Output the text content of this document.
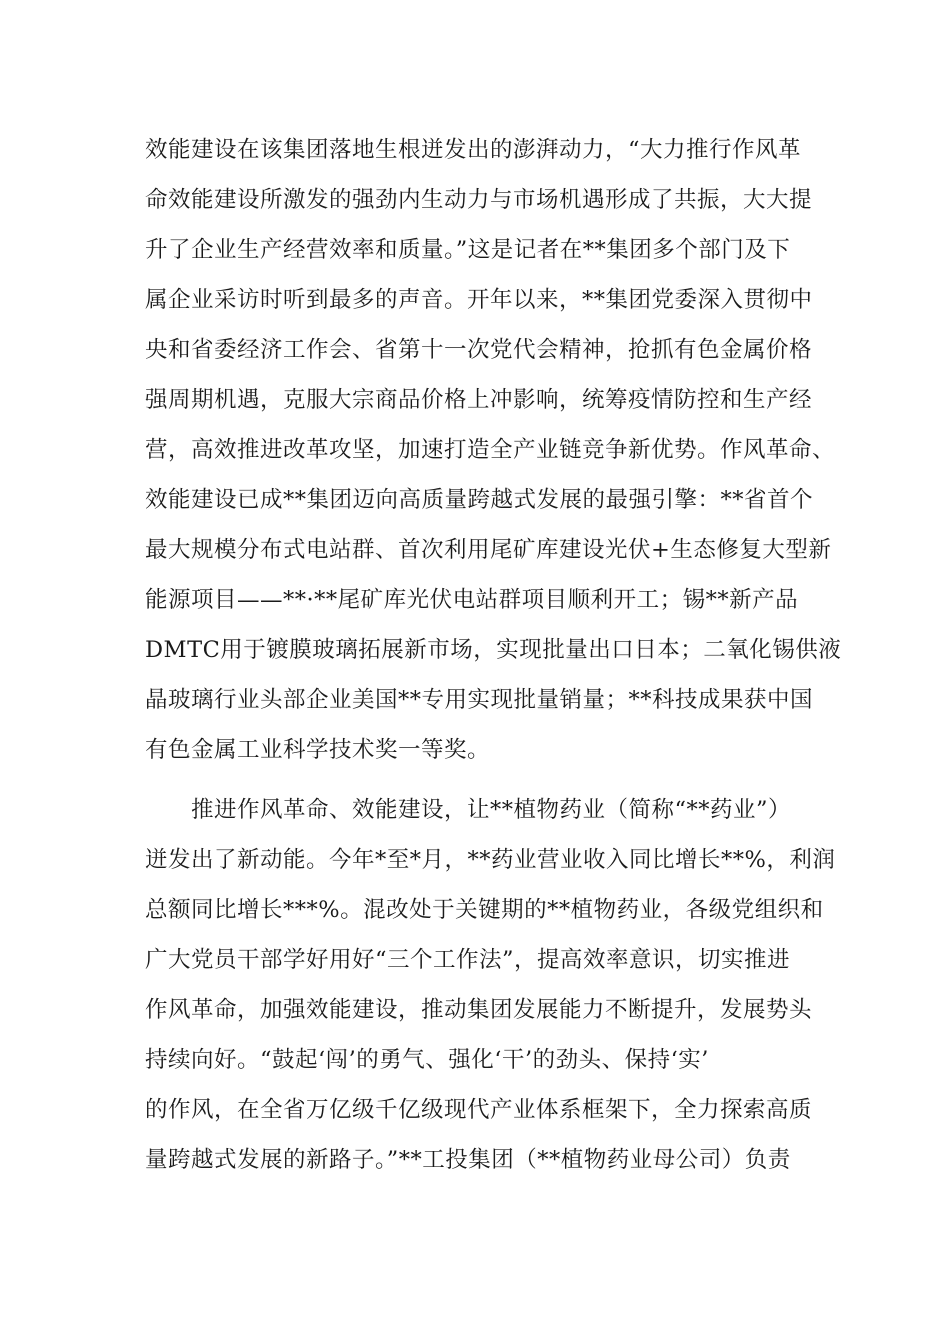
效能建设在该集团落地生根迸发出的澎湃动力，“大力推行作风革
命效能建设所激发的强劲内生动力与市场机遇形成了共振，大大提
升了企业生产经营效率和质量。”这是记者在**集团多个部门及下
属企业采访时听到最多的声音。开年以来，**集团党委深入贯彻中
央和省委经济工作会、省第十一次党代会精神，抢抓有色金属价格
强周期机遇，克服大宗商品价格上冲影响，统筹疫情防控和生产经
营，高效推进改革攻坚，加速打造全产业链竞争新优势。作风革命、
效能建设已成**集团迈向高质量跨越式发展的最强引擎：**省首个
最大规模分布式电站群、首次利用尾矿库建设光伏+生态修复大型新
能源项目——**·**尾矿库光伏电站群项目顺利开工；锡**新产品
DMTC用于镀膜玻璃拓展新市场，实现批量出口日本；二氧化锡供液
晶玻璃行业头部企业美国**专用实现批量销量；**科技成果获中国
有色金属工业科学技术奖一等奖。
　　推进作风革命、效能建设，让**植物药业（简称“**药业”）
迸发出了新动能。今年*至*月，**药业营业收入同比增长**%，利润
总额同比增长***%。混改处于关键期的**植物药业，各级党组织和
广大党员干部学好用好“三个工作法”，提高效率意识，切实推进
作风革命，加强效能建设，推动集团发展能力不断提升，发展势头
持续向好。“鼓起‘闯’的勇气、强化‘干’的劲头、保持‘实’
的作风，在全省万亿级千亿级现代产业体系框架下，全力探索高质
量跨越式发展的新路子。”**工投集团（**植物药业母公司）负责
